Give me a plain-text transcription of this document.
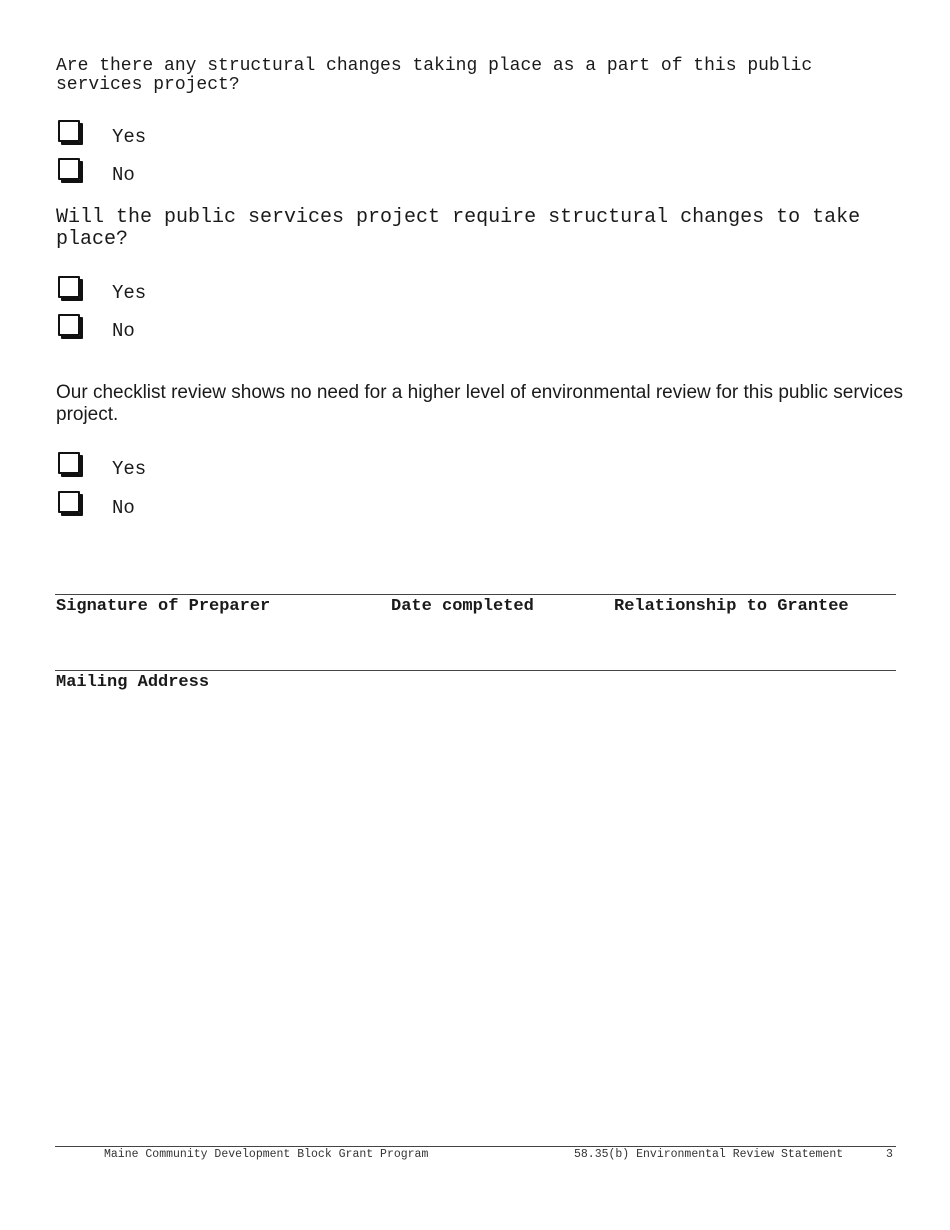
Are there any structural changes taking place as a part of this public services project?
Yes
No
Will the public services project require structural changes to take place?
Yes
No
Our checklist review shows no need for a higher level of environmental review for this public services project.
Yes
No
Signature of Preparer	Date completed	Relationship to Grantee
Mailing Address
Maine Community Development Block Grant Program	58.35(b) Environmental Review Statement	3
